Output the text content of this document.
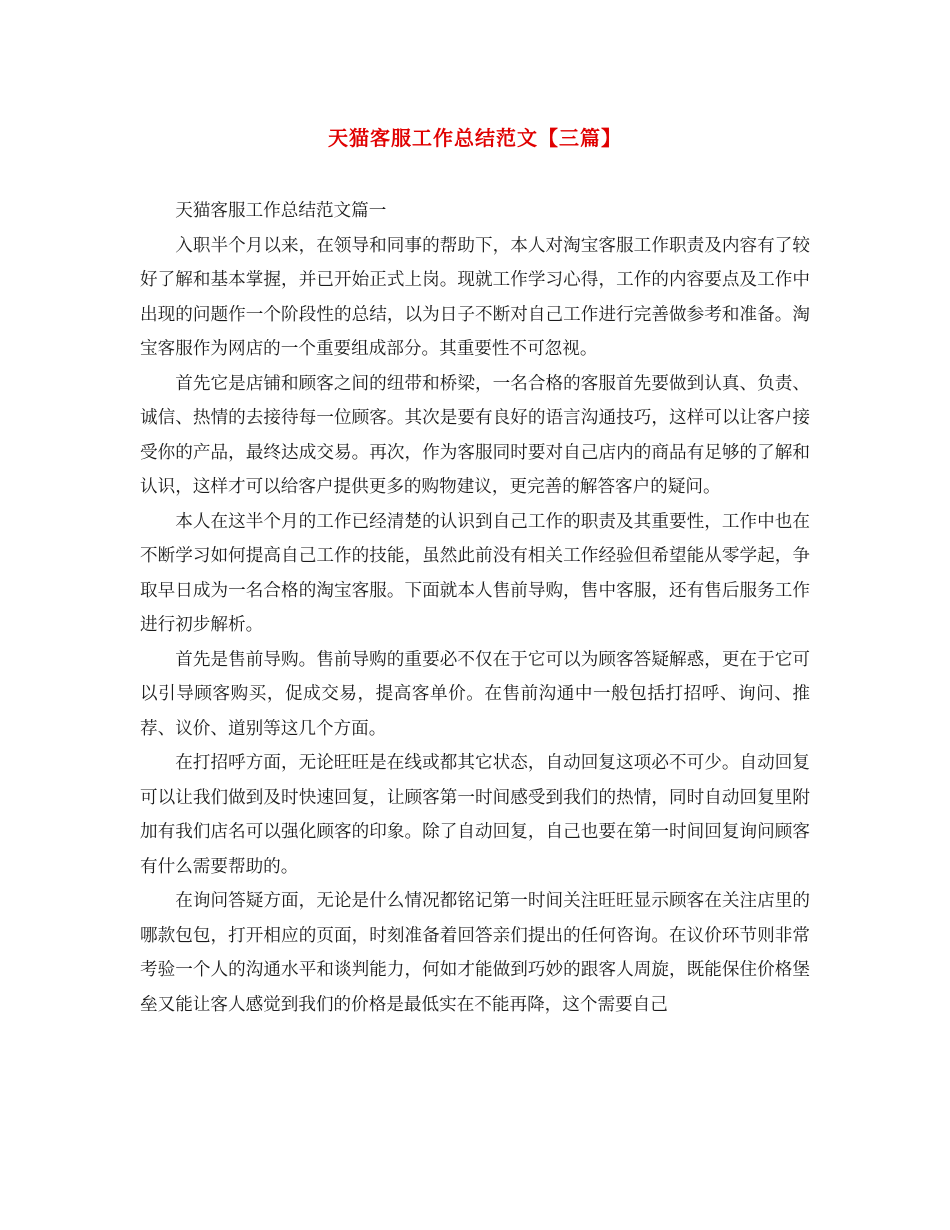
天猫客服工作总结范文【三篇】

天猫客服工作总结范文篇一

入职半个月以来，在领导和同事的帮助下，本人对淘宝客服工作职责及内容有了较好了解和基本掌握，并已开始正式上岗。现就工作学习心得，工作的内容要点及工作中出现的问题作一个阶段性的总结，以为日子不断对自己工作进行完善做参考和准备。淘宝客服作为网店的一个重要组成部分。其重要性不可忽视。

首先它是店铺和顾客之间的纽带和桥梁，一名合格的客服首先要做到认真、负责、诚信、热情的去接待每一位顾客。其次是要有良好的语言沟通技巧，这样可以让客户接受你的产品，最终达成交易。再次，作为客服同时要对自己店内的商品有足够的了解和认识，这样才可以给客户提供更多的购物建议，更完善的解答客户的疑问。

本人在这半个月的工作已经清楚的认识到自己工作的职责及其重要性，工作中也在不断学习如何提高自己工作的技能，虽然此前没有相关工作经验但希望能从零学起，争取早日成为一名合格的淘宝客服。下面就本人售前导购，售中客服，还有售后服务工作进行初步解析。

首先是售前导购。售前导购的重要必不仅在于它可以为顾客答疑解惑，更在于它可以引导顾客购买，促成交易，提高客单价。在售前沟通中一般包括打招呼、询问、推荐、议价、道别等这几个方面。

在打招呼方面，无论旺旺是在线或都其它状态，自动回复这项必不可少。自动回复可以让我们做到及时快速回复，让顾客第一时间感受到我们的热情，同时自动回复里附加有我们店名可以强化顾客的印象。除了自动回复，自己也要在第一时间回复询问顾客有什么需要帮助的。

在询问答疑方面，无论是什么情况都铭记第一时间关注旺旺显示顾客在关注店里的哪款包包，打开相应的页面，时刻准备着回答亲们提出的任何咨询。在议价环节则非常考验一个人的沟通水平和谈判能力，何如才能做到巧妙的跟客人周旋，既能保住价格堡垒又能让客人感觉到我们的价格是最低实在不能再降，这个需要自己
